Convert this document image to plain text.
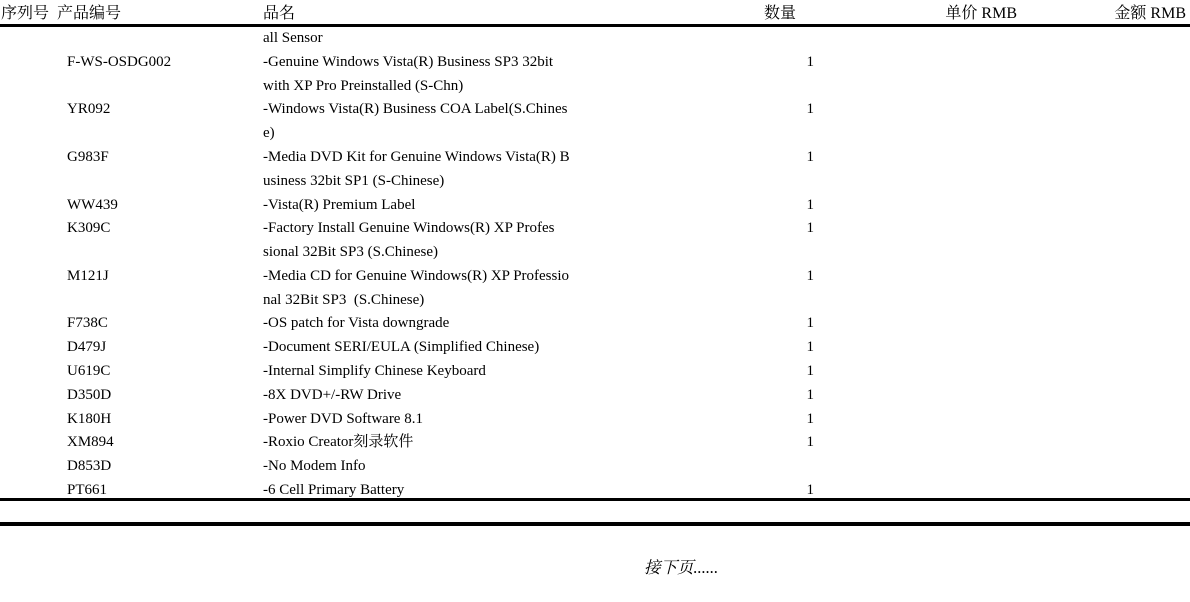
序列号 产品编号	品名	数量	单价 RMB	金额 RMB
all Sensor
F-WS-OSDG002	-Genuine Windows Vista(R) Business SP3 32bit	1
with XP Pro Preinstalled (S-Chn)
YR092	-Windows Vista(R) Business COA Label(S.Chines	1
e)
G983F	-Media DVD Kit for Genuine Windows Vista(R) B	1
usiness 32bit SP1 (S-Chinese)
WW439	-Vista(R) Premium Label	1
K309C	-Factory Install Genuine Windows(R) XP Profes	1
sional 32Bit SP3 (S.Chinese)
M121J	-Media CD for Genuine Windows(R) XP Professio	1
nal 32Bit SP3  (S.Chinese)
F738C	-OS patch for Vista downgrade	1
D479J	-Document SERI/EULA (Simplified Chinese)	1
U619C	-Internal Simplify Chinese Keyboard	1
D350D	-8X DVD+/-RW Drive	1
K180H	-Power DVD Software 8.1	1
XM894	-Roxio Creator刻录软件	1
D853D	-No Modem Info
PT661	-6 Cell Primary Battery	1
接下页......
